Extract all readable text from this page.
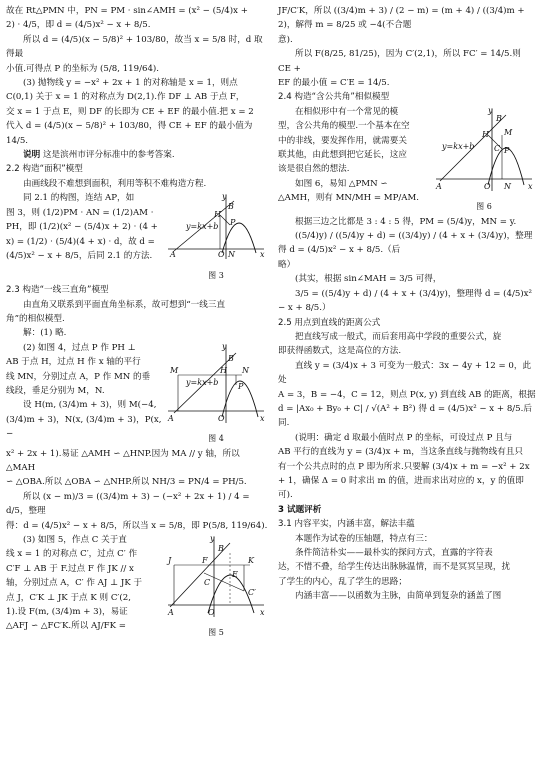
故在 Rt△PMN 中，PN = PM · sin∠AMH = (x² − (5/4)x +

2) · 4/5，即 d = (4/5)x² − x + 8/5.

所以 d = (4/5)(x − 5/8)² + 103/80，故当 x = 5/8 时，d 取得最

小值.可得点 P 的坐标为 (5/8, 119/64).

(3) 抛物线 y = −x² + 2x + 1 的对称轴是 x = 1，则点

C(0,1) 关于 x = 1 的对称点为 D(2,1).作 DF ⊥ AB 于点 F，

交 x = 1 于点 E，则 DF 的长即为 CE + EF 的最小值.把 x = 2

代入 d = (4/5)(x − 5/8)² + 103/80，得 CE + EF 的最小值为 14/5.

说明 这是滨州市评分标准中的参考答案.

2.2 构造“面积”模型

由画线段不难想到面积，利用等积不难构造方程.

同 2.1 的构图，连结 AP，如

图 3，则 (1/2)PM · AN = (1/2)AM ·

PH，即 (1/2)(x² − (5/4)x + 2) · (4 +

x) = (1/2) · (5/4)(4 + x) · d，故 d =

(4/5)x² − x + 8/5，后同 2.1 的方法.

y
x
A	O N
H
P
B
y=kx+b

图 3

2.3 构造“一线三直角”模型

由直角又联系到平面直角坐标系，故可想到“一线三直

角”的相似模型.

解：(1) 略.

(2) 如图 4，过点 P 作 PH ⊥

AB 于点 H，过点 H 作 x 轴的平行

线 MN，分别过点 A，P 作 MN 的垂

线段，垂足分别为 M，N.

设 H(m, (3/4)m + 3)，则 M(−4,

(3/4)m + 3)，N(x, (3/4)m + 3)，P(x, −

y
x
A	O
M	N
H
P
B
y=kx+b

图 4

x² + 2x + 1).易证 △AMH ∽ △HNP.因为 MA // y 轴，所以 △MAH

∽ △OBA.所以 △OBA ∽ △NHP.所以 NH/3 = PN/4 = PH/5.

所以 (x − m)/3 = ((3/4)m + 3) − (−x² + 2x + 1) / 4 = d/5，整理

得：d = (4/5)x² − x + 8/5，所以当 x = 5/8，即 P(5/8, 119/64).

(3) 如图 5，作点 C 关于直

线 x = 1 的对称点 C′，过点 C′ 作

C′F ⊥ AB 于 F.过点 F 作 JK // x

轴，分别过点 A，C′ 作 AJ ⊥ JK 于

点 J，C′K ⊥ JK 于点 K 则 C′(2,

1).设 F(m, (3/4)m + 3)，易证

△AFJ ∽ △FC′K.所以 AJ/FK =

y
x
A	O
J	K
F
E
C′
C
B

图 5

JF/C′K，所以 ((3/4)m + 3) / (2 − m) = (m + 4) / ((3/4)m + 2)，解得 m = 8/25 或 −4(不合题

意).

所以 F(8/25, 81/25)，因为 C′(2,1)，所以 FC′ = 14/5.则 CE +

EF 的最小值 = C′E = 14/5.

2.4 构造“含公共角”相似模型

在相似形中有一个常见的模

型，含公共角的模型.一个基本在空

中的非线，要发挥作用，就需要关

联其他，由此想到把它延长，这应

该是很自然的想法.

如图 6，易知 △PMN ∽

△AMH，则有 MN/MH = MP/AM.

y
x
A	O N
M
H
P
C
B
y=kx+b

图 6

根据三边之比都是 3 : 4 : 5 得，PM = (5/4)y，MN = y.

((5/4)y) / ((5/4)y + d) = ((3/4)y) / (4 + x + (3/4)y)，整理得 d = (4/5)x² − x + 8/5.（后

略）

(其实，根据 sin∠MAH = 3/5 可得，

3/5 = ((5/4)y + d) / (4 + x + (3/4)y)，整理得 d = (4/5)x² − x + 8/5.）

2.5 用点到直线的距离公式

把直线写成一般式，而后套用高中学段的重要公式，旋

即获得函数式，这是高位的方法.

直线 y = (3/4)x + 3 可变为一般式：3x − 4y + 12 = 0，此处

A = 3，B = −4，C = 12，则点 P(x, y) 到直线 AB 的距离，根据

d = |Ax₀ + By₀ + C| / √(A² + B²) 得 d = (4/5)x² − x + 8/5.后同.

(说明：确定 d 取最小值时点 P 的坐标，可设过点 P 且与

AB 平行的直线为 y = (3/4)x + m，当这条直线与抛物线有且只

有一个公共点时的点 P 即为所求.只要解 (3/4)x + m = −x² + 2x

+ 1，确保 Δ = 0 时求出 m 的值，进而求出对应的 x，y 的值即

可).

3 试题评析

3.1 内容平实，内涵丰富，解法丰蕴

本题作为试卷的压轴题，特点有三：

条件简洁朴实——最朴实的探问方式，直露的字符表

达，不惜不叠，给学生传达出脉脉温情，而不是冥冥呈现，扰

了学生的内心，乱了学生的思路；

内涵丰富——以函数为主脉，由简单到复杂的涵盖了图
